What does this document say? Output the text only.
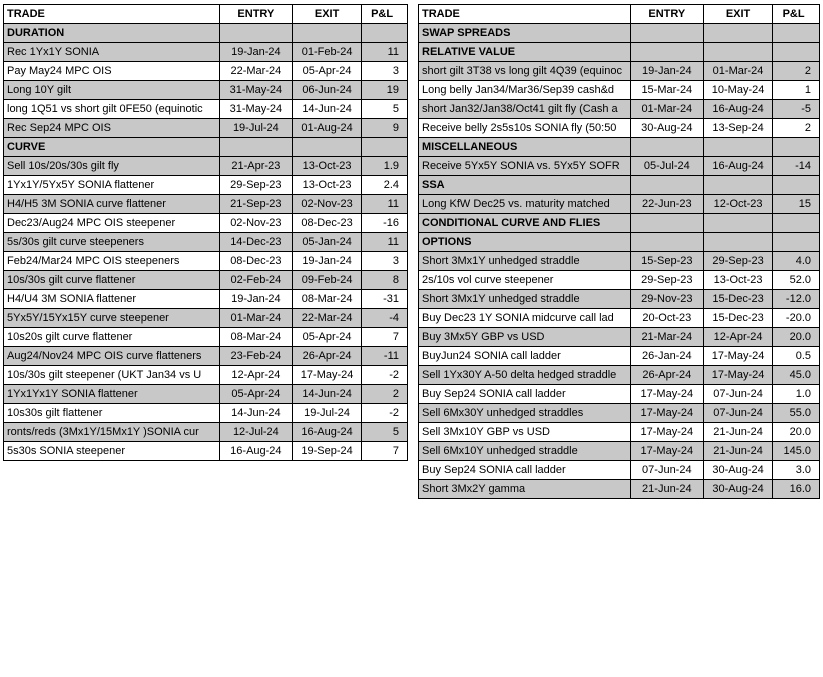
TRADE	ENTRY	EXIT	P&L
DURATION			
Rec 1Yx1Y SONIA	19-Jan-24	01-Feb-24	11
Pay May24 MPC OIS	22-Mar-24	05-Apr-24	3
Long 10Y gilt	31-May-24	06-Jun-24	19
long 1Q51 vs short gilt 0FE50 (equinotic	31-May-24	14-Jun-24	5
Rec Sep24 MPC OIS	19-Jul-24	01-Aug-24	9
CURVE			
Sell 10s/20s/30s gilt fly	21-Apr-23	13-Oct-23	1.9
1Yx1Y/5Yx5Y SONIA flattener	29-Sep-23	13-Oct-23	2.4
H4/H5 3M SONIA curve flattener	21-Sep-23	02-Nov-23	11
Dec23/Aug24 MPC OIS steepener	02-Nov-23	08-Dec-23	-16
5s/30s gilt curve steepeners	14-Dec-23	05-Jan-24	11
Feb24/Mar24 MPC OIS steepeners	08-Dec-23	19-Jan-24	3
10s/30s gilt curve flattener	02-Feb-24	09-Feb-24	8
H4/U4 3M SONIA flattener	19-Jan-24	08-Mar-24	-31
5Yx5Y/15Yx15Y curve steepener	01-Mar-24	22-Mar-24	-4
10s20s gilt curve flattener	08-Mar-24	05-Apr-24	7
Aug24/Nov24 MPC OIS curve flatteners	23-Feb-24	26-Apr-24	-11
10s/30s gilt steepener (UKT Jan34 vs U	12-Apr-24	17-May-24	-2
1Yx1Yx1Y SONIA flattener	05-Apr-24	14-Jun-24	2
10s30s gilt flattener	14-Jun-24	19-Jul-24	-2
ronts/reds (3Mx1Y/15Mx1Y )SONIA cur	12-Jul-24	16-Aug-24	5
5s30s SONIA steepener	16-Aug-24	19-Sep-24	7
TRADE	ENTRY	EXIT	P&L
SWAP SPREADS			
RELATIVE VALUE			
short gilt 3T38 vs long gilt 4Q39 (equinoc	19-Jan-24	01-Mar-24	2
Long belly Jan34/Mar36/Sep39 cash&d	15-Mar-24	10-May-24	1
short Jan32/Jan38/Oct41 gilt fly (Cash a	01-Mar-24	16-Aug-24	-5
Receive belly 2s5s10s SONIA fly (50:50	30-Aug-24	13-Sep-24	2
MISCELLANEOUS			
Receive 5Yx5Y SONIA vs. 5Yx5Y SOFR	05-Jul-24	16-Aug-24	-14
SSA			
Long KfW Dec25 vs. maturity matched	22-Jun-23	12-Oct-23	15
CONDITIONAL CURVE AND FLIES			
OPTIONS			
Short 3Mx1Y unhedged straddle	15-Sep-23	29-Sep-23	4.0
2s/10s vol curve steepener	29-Sep-23	13-Oct-23	52.0
Short 3Mx1Y unhedged straddle	29-Nov-23	15-Dec-23	-12.0
Buy Dec23 1Y SONIA midcurve call lad	20-Oct-23	15-Dec-23	-20.0
Buy 3Mx5Y GBP vs USD	21-Mar-24	12-Apr-24	20.0
BuyJun24 SONIA call ladder	26-Jan-24	17-May-24	0.5
Sell 1Yx30Y A-50 delta hedged straddle	26-Apr-24	17-May-24	45.0
Buy Sep24 SONIA call ladder	17-May-24	07-Jun-24	1.0
Sell 6Mx30Y unhedged straddles	17-May-24	07-Jun-24	55.0
Sell 3Mx10Y GBP vs USD	17-May-24	21-Jun-24	20.0
Sell 6Mx10Y unhedged straddle	17-May-24	21-Jun-24	145.0
Buy Sep24 SONIA call ladder	07-Jun-24	30-Aug-24	3.0
Short 3Mx2Y gamma	21-Jun-24	30-Aug-24	16.0
